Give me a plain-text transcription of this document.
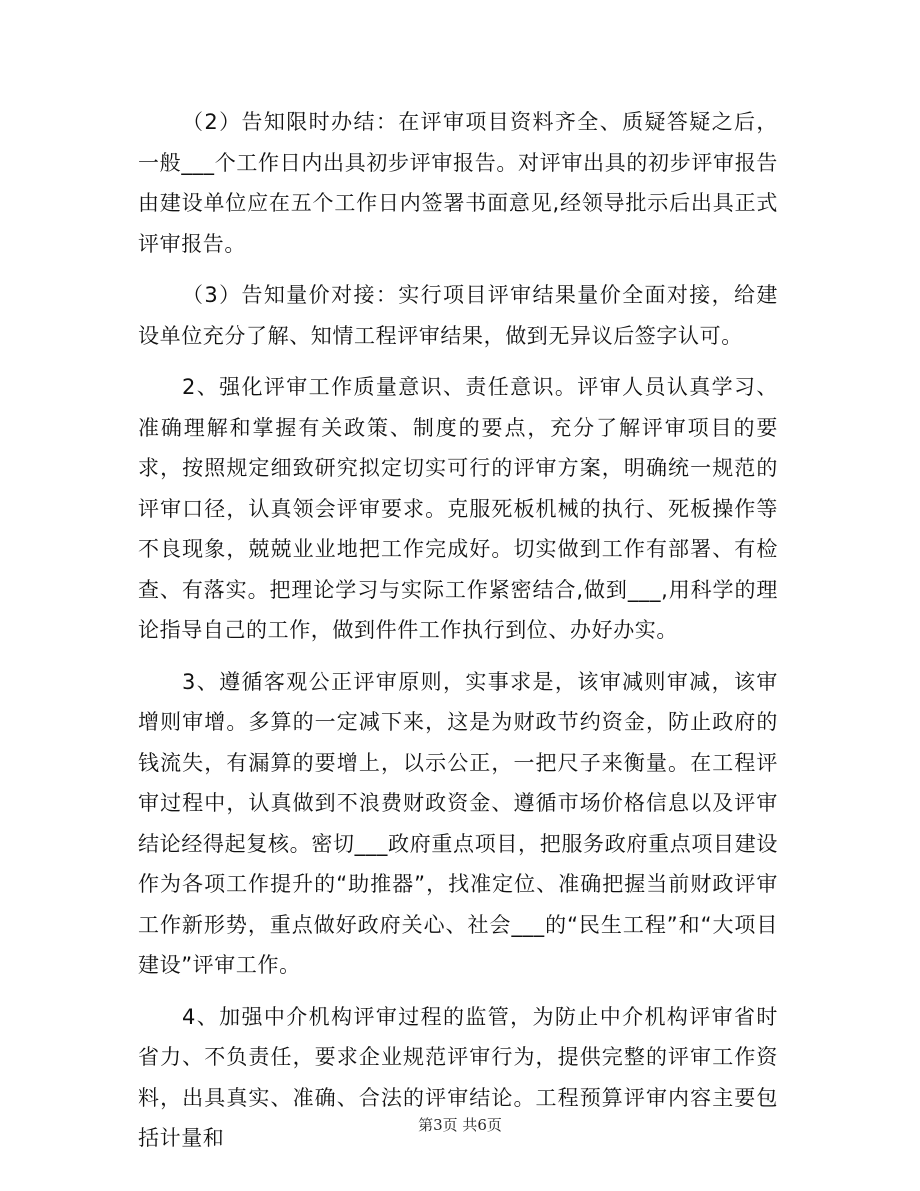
（2）告知限时办结：在评审项目资料齐全、质疑答疑之后，一般___个工作日内出具初步评审报告。对评审出具的初步评审报告由建设单位应在五个工作日内签署书面意见,经领导批示后出具正式评审报告。

（3）告知量价对接：实行项目评审结果量价全面对接，给建设单位充分了解、知情工程评审结果，做到无异议后签字认可。

2、强化评审工作质量意识、责任意识。评审人员认真学习、准确理解和掌握有关政策、制度的要点，充分了解评审项目的要求，按照规定细致研究拟定切实可行的评审方案，明确统一规范的评审口径，认真领会评审要求。克服死板机械的执行、死板操作等不良现象，兢兢业业地把工作完成好。切实做到工作有部署、有检查、有落实。把理论学习与实际工作紧密结合,做到___,用科学的理论指导自己的工作，做到件件工作执行到位、办好办实。

3、遵循客观公正评审原则，实事求是，该审减则审减，该审增则审增。多算的一定减下来，这是为财政节约资金，防止政府的钱流失，有漏算的要增上，以示公正，一把尺子来衡量。在工程评审过程中，认真做到不浪费财政资金、遵循市场价格信息以及评审结论经得起复核。密切___政府重点项目，把服务政府重点项目建设作为各项工作提升的“助推器”，找准定位、准确把握当前财政评审工作新形势，重点做好政府关心、社会___的“民生工程”和“大项目建设”评审工作。

4、加强中介机构评审过程的监管，为防止中介机构评审省时省力、不负责任，要求企业规范评审行为，提供完整的评审工作资料，出具真实、准确、合法的评审结论。工程预算评审内容主要包括计量和

第3页 共6页
